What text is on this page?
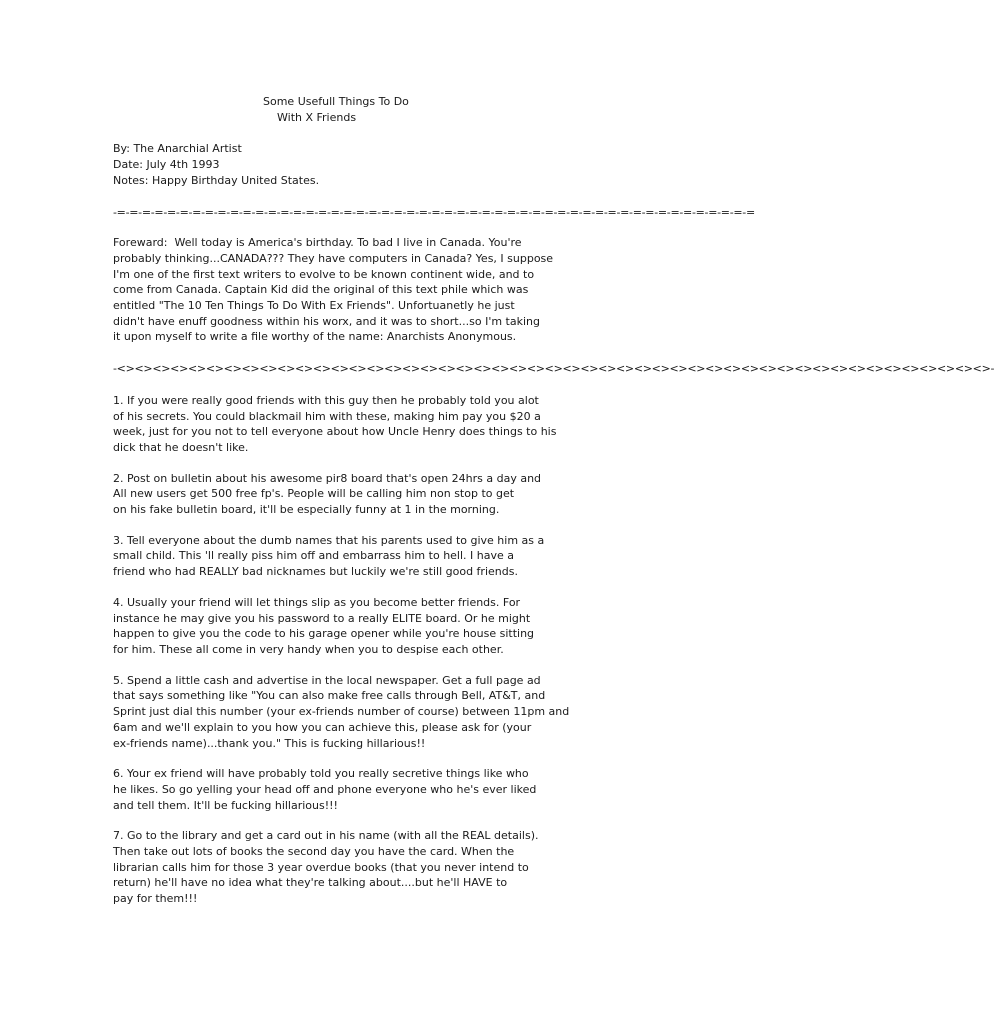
Some Usefull Things To Do
With X Friends

By: The Anarchial Artist

Date: July 4th 1993

Notes: Happy Birthday United States.

-=-=-=-=-=-=-=-=-=-=-=-=-=-=-=-=-=-=-=-=-=-=-=-=-=-=-=-=-=-=-=-=-=-=-=-=-=-=-=-=-=-=-=-=-=-=-=-=-=-=-=

Foreward:  Well today is America's birthday. To bad I live in Canada. You're
probably thinking...CANADA??? They have computers in Canada? Yes, I suppose
I'm one of the first text writers to evolve to be known continent wide, and to
come from Canada. Captain Kid did the original of this text phile which was
entitled "The 10 Ten Things To Do With Ex Friends". Unfortuanetly he just
didn't have enuff goodness within his worx, and it was to short...so I'm taking
it upon myself to write a file worthy of the name: Anarchists Anonymous.

-<><><><><><><><><><><><><><><><><><><><><><><><><><><><><><><><><><><><><><><><><><><><><><><><><>-

1. If you were really good friends with this guy then he probably told you alot
of his secrets. You could blackmail him with these, making him pay you $20 a
week, just for you not to tell everyone about how Uncle Henry does things to his
dick that he doesn't like.

2. Post on bulletin about his awesome pir8 board that's open 24hrs a day and
All new users get 500 free fp's. People will be calling him non stop to get
on his fake bulletin board, it'll be especially funny at 1 in the morning.

3. Tell everyone about the dumb names that his parents used to give him as a
small child. This 'll really piss him off and embarrass him to hell. I have a
friend who had REALLY bad nicknames but luckily we're still good friends.

4. Usually your friend will let things slip as you become better friends. For
instance he may give you his password to a really ELITE board. Or he might
happen to give you the code to his garage opener while you're house sitting
for him. These all come in very handy when you to despise each other.

5. Spend a little cash and advertise in the local newspaper. Get a full page ad
that says something like "You can also make free calls through Bell, AT&T, and
Sprint just dial this number (your ex-friends number of course) between 11pm and
6am and we'll explain to you how you can achieve this, please ask for (your
ex-friends name)...thank you." This is fucking hillarious!!

6. Your ex friend will have probably told you really secretive things like who
he likes. So go yelling your head off and phone everyone who he's ever liked
and tell them. It'll be fucking hillarious!!!

7. Go to the library and get a card out in his name (with all the REAL details).
Then take out lots of books the second day you have the card. When the
librarian calls him for those 3 year overdue books (that you never intend to
return) he'll have no idea what they're talking about....but he'll HAVE to
pay for them!!!
